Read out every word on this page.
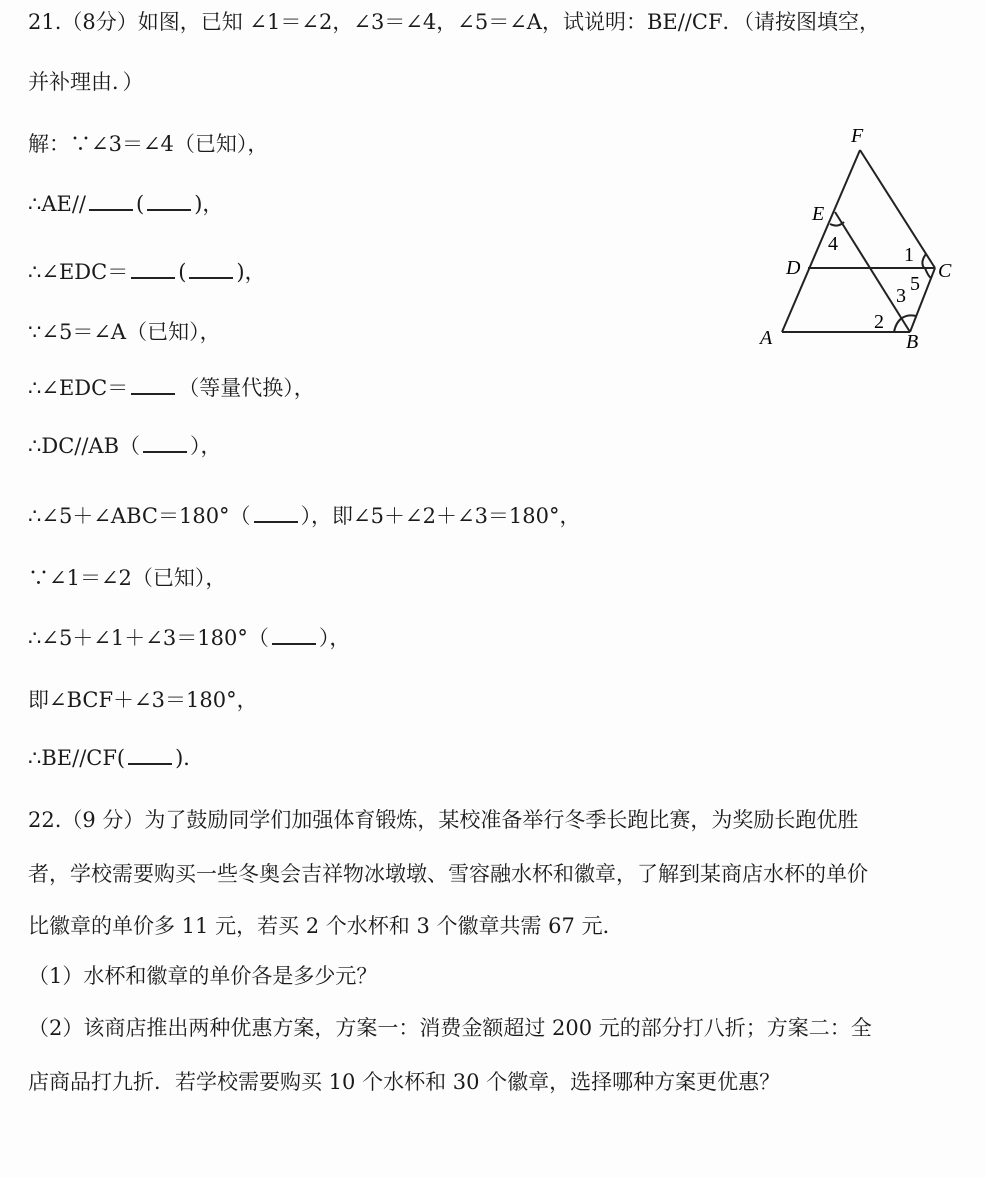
21.（8分）如图，已知 ∠1＝∠2，∠3＝∠4，∠5＝∠A，试说明：BE//CF．（请按图填空，
并补理由．）
解：∵∠3＝∠4（已知），
∴AE// ( )，
∴∠EDC＝ ( )，
∵∠5＝∠A（已知），
∴∠EDC＝ （等量代换），
∴DC//AB（ ），
∴∠5＋∠ABC＝180°（ ），即∠5＋∠2＋∠3＝180°，
∵∠1＝∠2（已知），
∴∠5＋∠1＋∠3＝180°（ ），
即∠BCF＋∠3＝180°，
∴BE//CF( )．
F
E
D	C
A	B
4	1
5
3
2
22.（9 分）为了鼓励同学们加强体育锻炼，某校准备举行冬季长跑比赛，为奖励长跑优胜
者，学校需要购买一些冬奥会吉祥物冰墩墩、雪容融水杯和徽章，了解到某商店水杯的单价
比徽章的单价多 11 元，若买 2 个水杯和 3 个徽章共需 67 元．
（1）水杯和徽章的单价各是多少元？
（2）该商店推出两种优惠方案，方案一：消费金额超过 200 元的部分打八折；方案二：全
店商品打九折．若学校需要购买 10 个水杯和 30 个徽章，选择哪种方案更优惠？
